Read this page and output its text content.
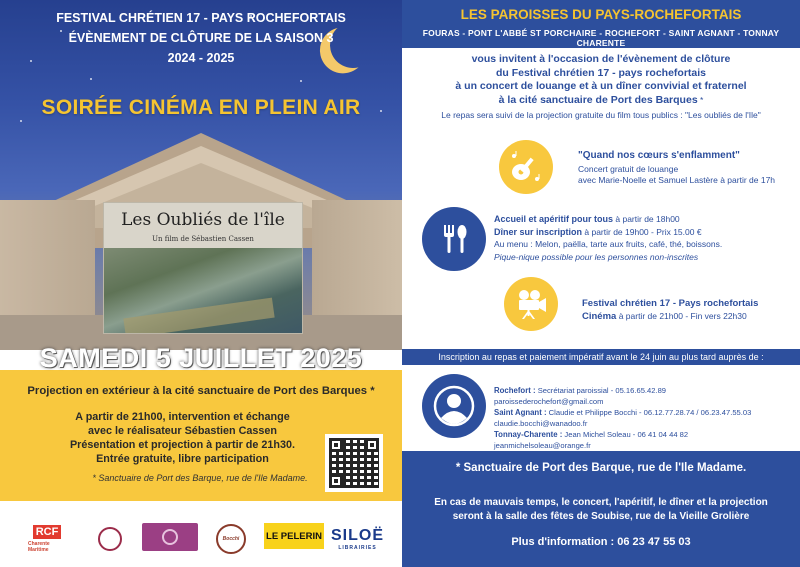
FESTIVAL CHRÉTIEN 17 - PAYS ROCHEFORTAIS
ÉVÈNEMENT DE CLÔTURE DE LA SAISON 3
2024 - 2025
SOIRÉE CINÉMA EN PLEIN AIR
Les Oubliés de l'île
Un film de Sébastien Cassen
SAMEDI 5 JUILLET 2025
Projection en extérieur à la cité sanctuaire de Port des Barques *
A partir de 21h00, intervention et échange
avec le réalisateur Sébastien Cassen
Présentation et projection à partir de 21h30.
Entrée gratuite, libre participation
* Sanctuaire de Port des Barque, rue de l'Ile Madame.
RCF
Charente Maritime
Bocchi	LE PELERIN SILOË
LIBRAIRIES
LES PAROISSES DU PAYS-ROCHEFORTAIS
FOURAS - PONT L'ABBÉ ST PORCHAIRE - ROCHEFORT - SAINT AGNANT - TONNAY CHARENTE
vous invitent à l'occasion de l'évènement de clôture
du Festival chrétien 17 - pays rochefortais
à un concert de louange et à un dîner convivial et fraternel
à la cité sanctuaire de Port des Barques *
Le repas sera suivi de la projection gratuite du film tous publics : "Les oubliés de l'Ile"
"Quand nos cœurs s'enflamment"
Concert gratuit de louange
avec Marie-Noelle et Samuel Lastère à partir de 17h
Accueil et apéritif pour tous à partir de 18h00
Dîner sur inscription à partir de 19h00 - Prix 15.00 €
Au menu : Melon, paëlla, tarte aux fruits, café, thé, boissons.
Pique-nique possible pour les personnes non-inscrites
Festival chrétien 17 - Pays rochefortais
Cinéma à partir de 21h00 - Fin vers 22h30
Inscription au repas et paiement impératif avant le 24 juin au plus tard auprès de :
Rochefort : Secrétariat paroissial - 05.16.65.42.89
paroissederochefort@gmail.com
Saint Agnant : Claudie et Philippe Bocchi - 06.12.77.28.74 / 06.23.47.55.03
claudie.bocchi@wanadoo.fr
Tonnay-Charente : Jean Michel Soleau - 06 41 04 44 82
jeanmichelsoleau@orange.fr
* Sanctuaire de Port des Barque, rue de l'Ile Madame.
En cas de mauvais temps, le concert, l'apéritif, le dîner et la projection
seront à la salle des fêtes de Soubise, rue de la Vieille Grolière
Plus d'information : 06 23 47 55 03
